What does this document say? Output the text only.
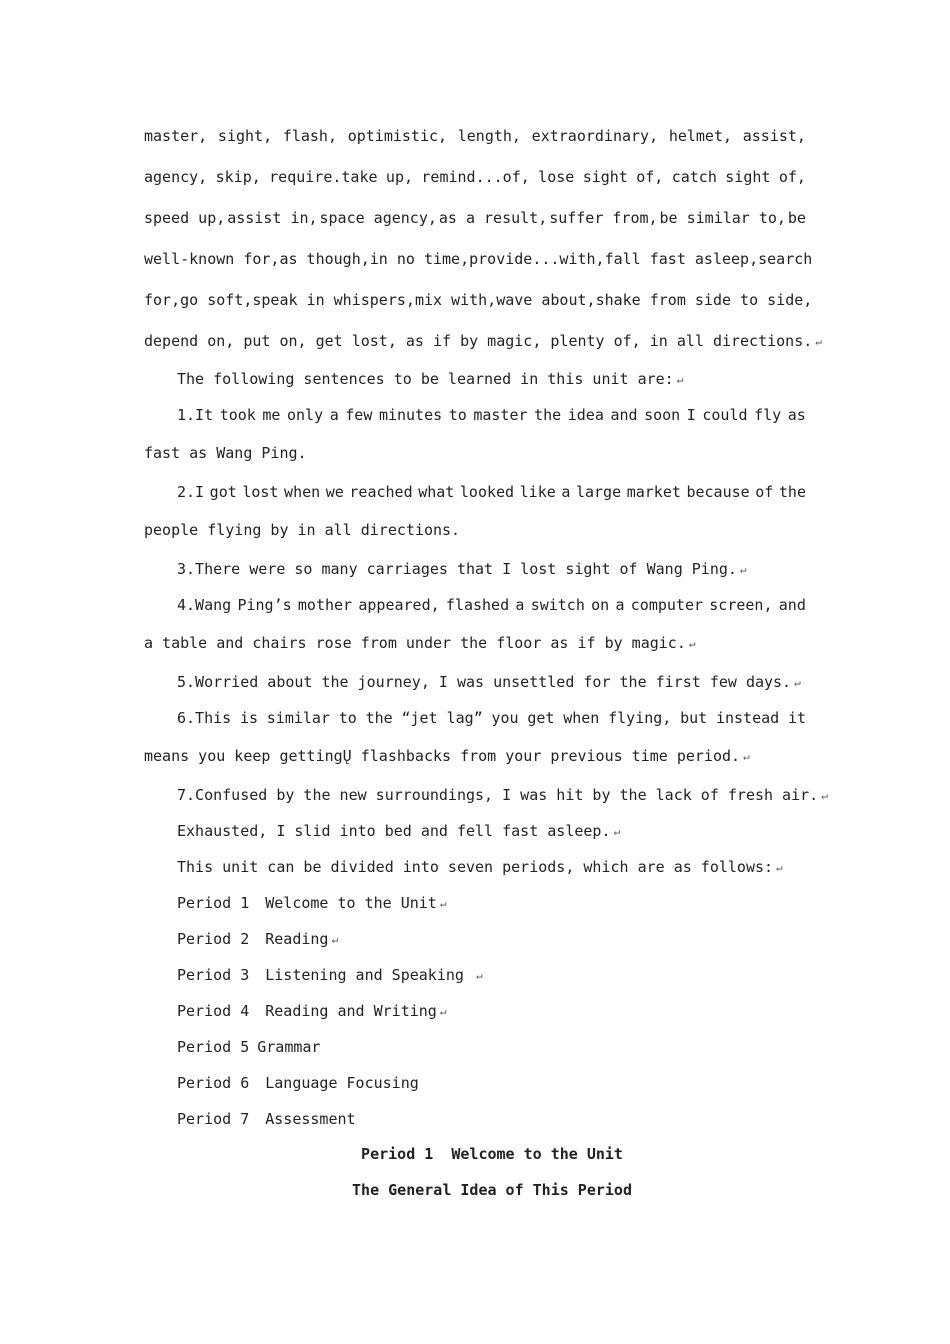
master, sight, flash, optimistic, length, extraordinary, helmet, assist,
agency, skip, require.take up, remind...of, lose sight of, catch sight of,
speed up, assist in, space agency, as a result, suffer from, be similar to, be
well-known for, as though, in no time, provide...with, fall fast asleep, search
for, go soft, speak in whispers, mix with, wave about, shake from side to side,
depend on, put on, get lost, as if by magic, plenty of, in all directions. ↵
The following sentences to be learned in this unit are: ↵
1.It took me only a few minutes to master the idea and soon I could fly as
fast as Wang Ping.
2.I got lost when we reached what looked like a large market because of the
people flying by in all directions.
3.There were so many carriages that I lost sight of Wang Ping. ↵
4.Wang Ping’s mother appeared, flashed a switch on a computer screen, and
a table and chairs rose from under the floor as if by magic. ↵
5.Worried about the journey, I was unsettled for the first few days. ↵
6.This is similar to the “jet lag” you get when flying, but instead it
means you keep gettingŲ flashbacks from your previous time period. ↵
7.Confused by the new surroundings, I was hit by the lack of fresh air. ↵
Exhausted, I slid into bed and fell fast asleep. ↵
This unit can be divided into seven periods, which are as follows: ↵
Period 1 Welcome to the Unit ↵
Period 2 Reading ↵
Period 3 Listening and Speaking ↵
Period 4 Reading and Writing ↵
Period 5 Grammar
Period 6 Language Focusing
Period 7 Assessment
Period 1  Welcome to the Unit
The General Idea of This Period
